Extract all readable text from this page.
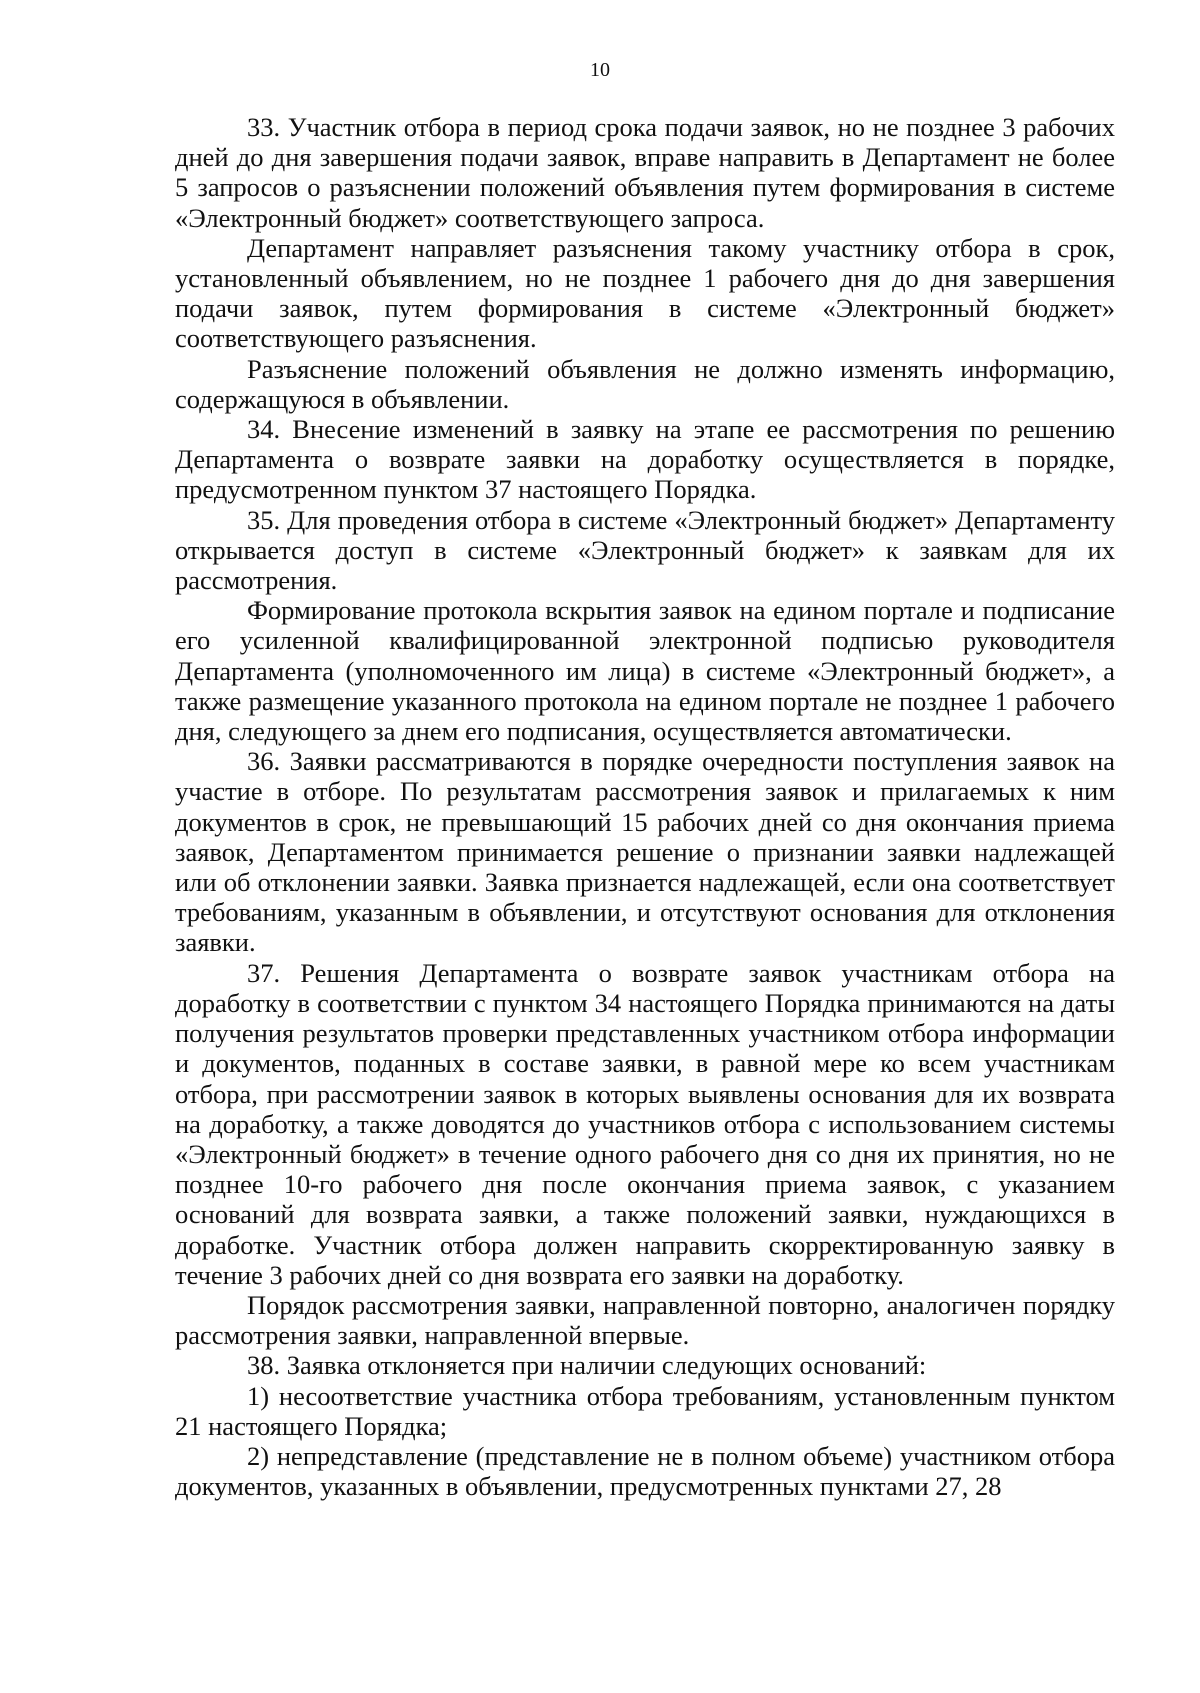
10

33. Участник отбора в период срока подачи заявок, но не позднее 3 рабочих дней до дня завершения подачи заявок, вправе направить в Департамент не более 5 запросов о разъяснении положений объявления путем формирования в системе «Электронный бюджет» соответствующего запроса.

Департамент направляет разъяснения такому участнику отбора в срок, установленный объявлением, но не позднее 1 рабочего дня до дня завершения подачи заявок, путем формирования в системе «Электронный бюджет» соответствующего разъяснения.

Разъяснение положений объявления не должно изменять информацию, содержащуюся в объявлении.

34. Внесение изменений в заявку на этапе ее рассмотрения по решению Департамента о возврате заявки на доработку осуществляется в порядке, предусмотренном пунктом 37 настоящего Порядка.

35. Для проведения отбора в системе «Электронный бюджет» Департаменту открывается доступ в системе «Электронный бюджет» к заявкам для их рассмотрения.

Формирование протокола вскрытия заявок на едином портале и подписание его усиленной квалифицированной электронной подписью руководителя Департамента (уполномоченного им лица) в системе «Электронный бюджет», а также размещение указанного протокола на едином портале не позднее 1 рабочего дня, следующего за днем его подписания, осуществляется автоматически.

36. Заявки рассматриваются в порядке очередности поступления заявок на участие в отборе. По результатам рассмотрения заявок и прилагаемых к ним документов в срок, не превышающий 15 рабочих дней со дня окончания приема заявок, Департаментом принимается решение о признании заявки надлежащей или об отклонении заявки. Заявка признается надлежащей, если она соответствует требованиям, указанным в объявлении, и отсутствуют основания для отклонения заявки.

37. Решения Департамента о возврате заявок участникам отбора на доработку в соответствии с пунктом 34 настоящего Порядка принимаются на даты получения результатов проверки представленных участником отбора информации и документов, поданных в составе заявки, в равной мере ко всем участникам отбора, при рассмотрении заявок в которых выявлены основания для их возврата на доработку, а также доводятся до участников отбора с использованием системы «Электронный бюджет» в течение одного рабочего дня со дня их принятия, но не позднее 10-го рабочего дня после окончания приема заявок, с указанием оснований для возврата заявки, а также положений заявки, нуждающихся в доработке. Участник отбора должен направить скорректированную заявку в течение 3 рабочих дней со дня возврата его заявки на доработку.

Порядок рассмотрения заявки, направленной повторно, аналогичен порядку рассмотрения заявки, направленной впервые.

38. Заявка отклоняется при наличии следующих оснований:

1) несоответствие участника отбора требованиям, установленным пунктом 21 настоящего Порядка;

2) непредставление (представление не в полном объеме) участником отбора документов, указанных в объявлении, предусмотренных пунктами 27, 28
